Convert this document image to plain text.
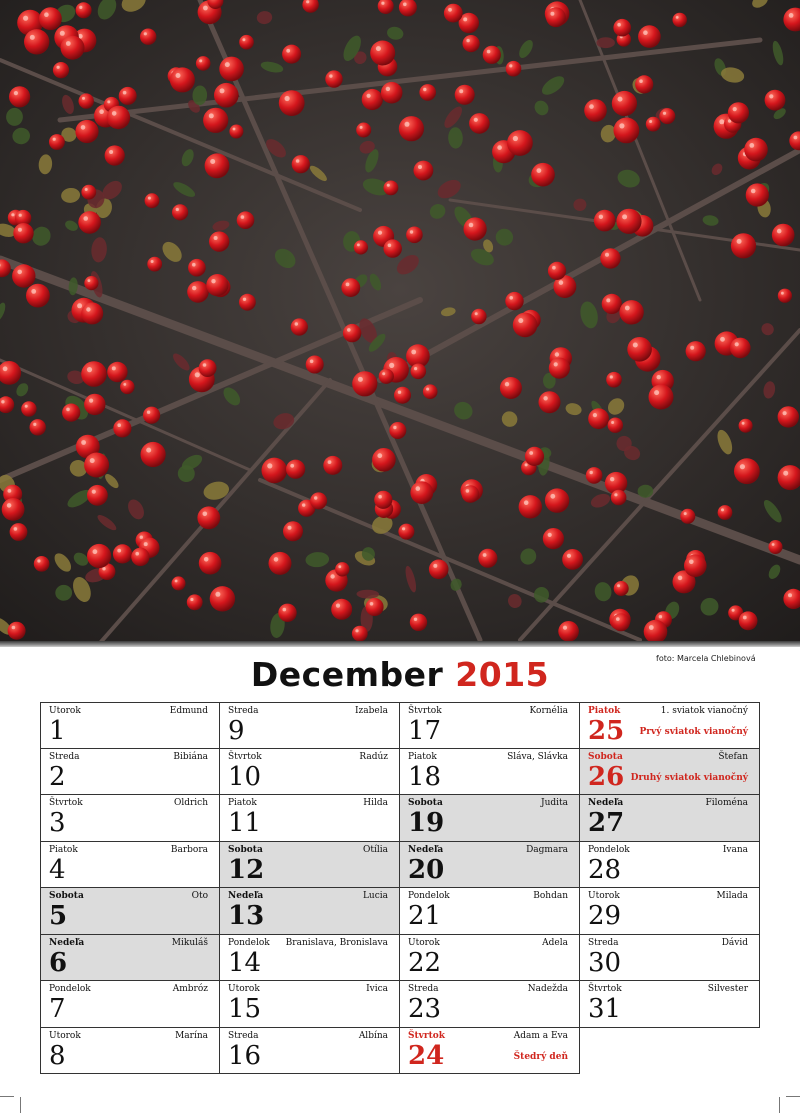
foto: Marcela Chlebinová
December 2015
Utorok	Edmund
1
Streda	Bibiána
2
Štvrtok	Oldrich
3
Piatok	Barbora
4
Sobota	Oto
5
Nedeľa	Mikuláš
6
Pondelok	Ambróz
7
Utorok	Marína
8
Streda	Izabela
9
Štvrtok	Radúz
10
Piatok	Hilda
11
Sobota	Otília
12
Nedeľa	Lucia
13
Pondelok Branislava, Bronislava
14
Utorok	Ivica
15
Streda	Albína
16
Štvrtok	Kornélia
17
Piatok	Sláva, Slávka
18
Sobota	Judita
19
Nedeľa	Dagmara
20
Pondelok	Bohdan
21
Utorok	Adela
22
Streda	Nadežda
23
Štvrtok	Adam a Eva
24	Štedrý deň
Piatok	1. sviatok vianočný
25 Prvý sviatok vianočný
Sobota	Štefan
26 Druhý sviatok vianočný
Nedeľa	Filoména
27
Pondelok	Ivana
28
Utorok	Milada
29
Streda	Dávid
30
Štvrtok	Silvester
31
